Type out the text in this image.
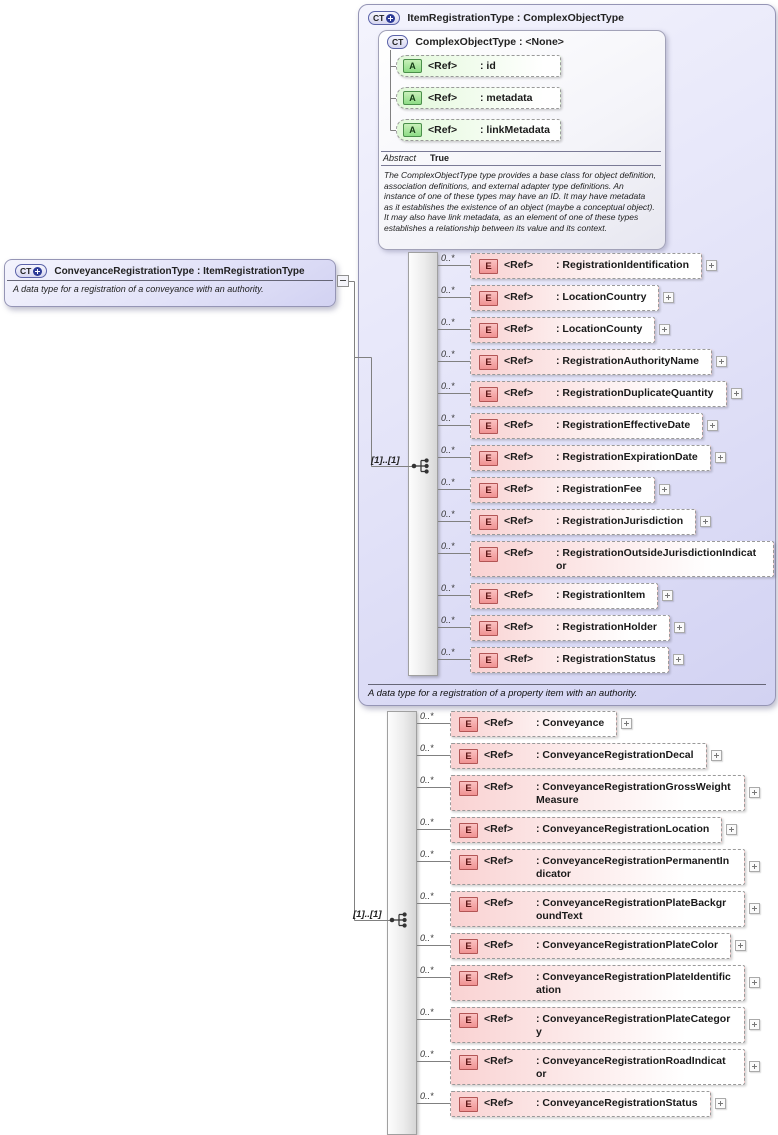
CT ItemRegistrationType : ComplexObjectType
A data type for a registration of a property item with an authority.
CT ComplexObjectType : <None>
A	<Ref>	: id
A	<Ref>	: metadata
A	<Ref>	: linkMetadata
Abstract True
The ComplexObjectType type provides a base class for object definition, association definitions, and external adapter type definitions. An instance of one of these types may have an ID. It may have metadata as it establishes the existence of an object (maybe a conceptual object). It may also have link metadata, as an element of one of these types establishes a relationship between its value and its context.
CT ConveyanceRegistrationType : ItemRegistrationType
A data type for a registration of a conveyance with an authority.
[1]..[1]
[1]..[1]
0..*
E	<Ref>	: RegistrationIdentification
0..*
E	<Ref>	: LocationCountry
0..*
E	<Ref>	: LocationCounty
0..*
E	<Ref>	: RegistrationAuthorityName
0..*
E	<Ref>	: RegistrationDuplicateQuantity
0..*
E	<Ref>	: RegistrationEffectiveDate
0..*
E	<Ref>	: RegistrationExpirationDate
0..*
E	<Ref>	: RegistrationFee
0..*
E	<Ref>	: RegistrationJurisdiction
0..*
E	<Ref>	: RegistrationOutsideJurisdictionIndicator
0..*
E	<Ref>	: RegistrationItem
0..*
E	<Ref>	: RegistrationHolder
0..*
E	<Ref>	: RegistrationStatus
0..*
E	<Ref>	: Conveyance
0..*
E	<Ref>	: ConveyanceRegistrationDecal
0..*
E	<Ref>	: ConveyanceRegistrationGrossWeightMeasure
0..*
E	<Ref>	: ConveyanceRegistrationLocation
0..*
E	<Ref>	: ConveyanceRegistrationPermanentIndicator
0..*
E	<Ref>	: ConveyanceRegistrationPlateBackgroundText
0..*
E	<Ref>	: ConveyanceRegistrationPlateColor
0..*
E	<Ref>	: ConveyanceRegistrationPlateIdentification
0..*
E	<Ref>	: ConveyanceRegistrationPlateCategory
0..*
E	<Ref>	: ConveyanceRegistrationRoadIndicator
0..*
E	<Ref>	: ConveyanceRegistrationStatus
